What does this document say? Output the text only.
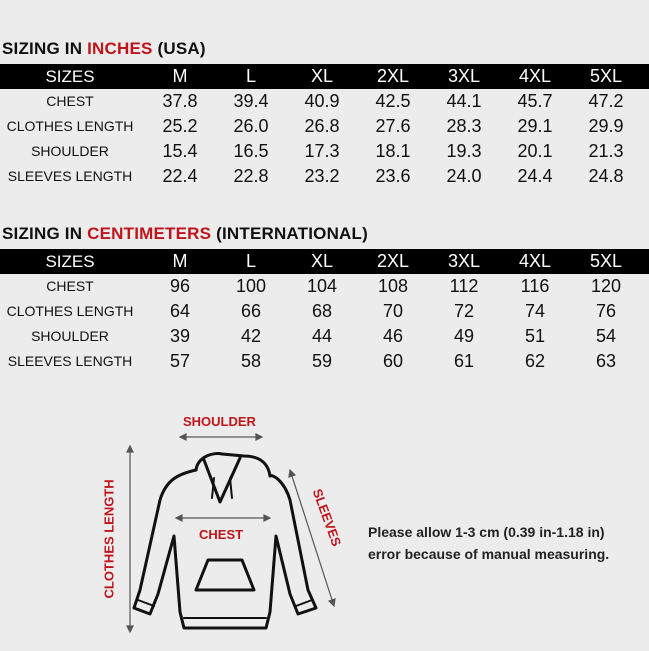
SIZING IN INCHES (USA)
SIZES	M	L	XL	2XL	3XL	4XL	5XL
CHEST	37.8	39.4	40.9	42.5	44.1	45.7	47.2
CLOTHES LENGTH	25.2	26.0	26.8	27.6	28.3	29.1	29.9
SHOULDER	15.4	16.5	17.3	18.1	19.3	20.1	21.3
SLEEVES LENGTH	22.4	22.8	23.2	23.6	24.0	24.4	24.8
SIZING IN CENTIMETERS (INTERNATIONAL)
SIZES	M	L	XL	2XL	3XL	4XL	5XL
CHEST	96	100	104	108	112	116	120
CLOTHES LENGTH	64	66	68	70	72	74	76
SHOULDER	39	42	44	46	49	51	54
SLEEVES LENGTH	57	58	59	60	61	62	63
SHOULDER
CHEST	SLEEVES
CLOTHES LENGTH	Please allow 1-3 cm (0.39 in-1.18 in)
error because of manual measuring.
